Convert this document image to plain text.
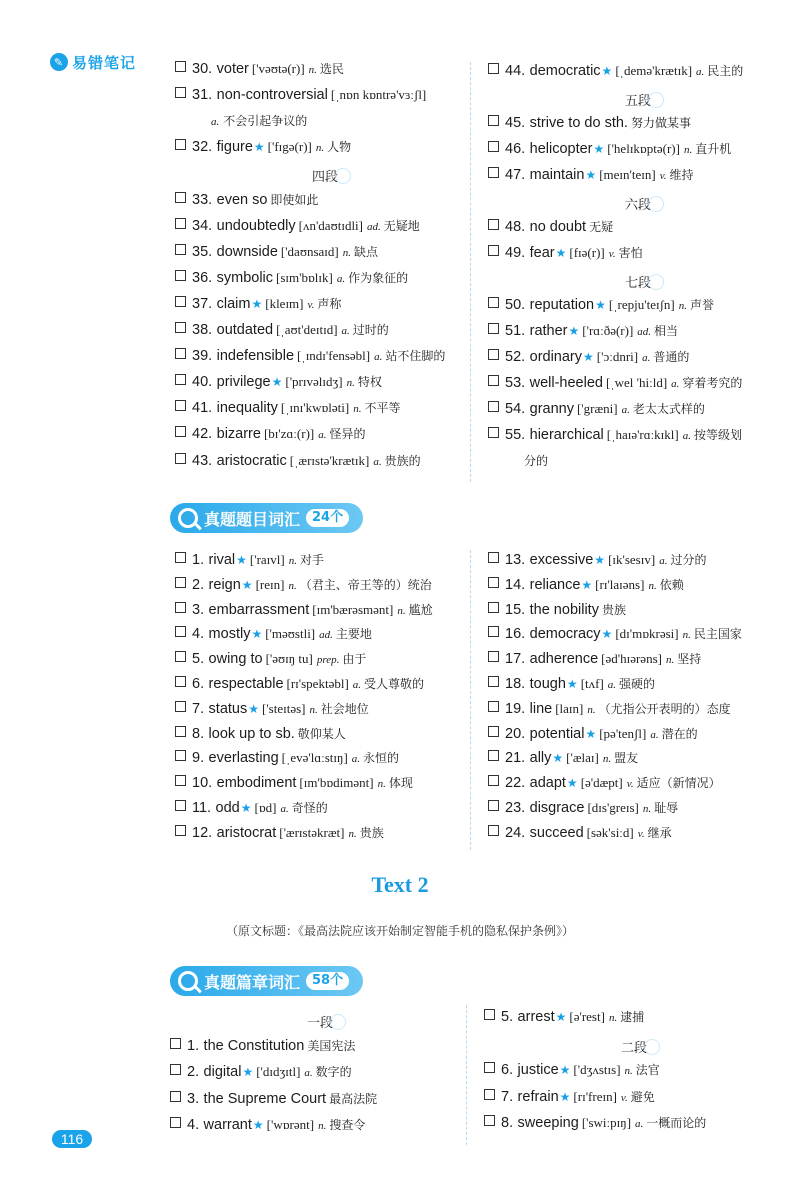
✎ 易错笔记	30. voter ['vəʊtə(r)] n. 选民
31. non-controversial [ˌnɒn kɒntrə'vɜːʃl]
a. 不会引起争议的
32. figure★ ['fɪgə(r)] n. 人物
四段
33. even so 即使如此
34. undoubtedly [ʌn'daʊtɪdli] ad. 无疑地
35. downside ['daʊnsaɪd] n. 缺点
36. symbolic [sɪm'bɒlɪk] a. 作为象征的
37. claim★ [kleɪm] v. 声称
38. outdated [ˌaʊt'deɪtɪd] a. 过时的
39. indefensible [ˌɪndɪ'fensəbl] a. 站不住脚的
40. privilege★ ['prɪvəlɪdʒ] n. 特权
41. inequality [ˌɪnɪ'kwɒləti] n. 不平等
42. bizarre [bɪ'zɑː(r)] a. 怪异的
43. aristocratic [ˌærɪstə'krætɪk] a. 贵族的
44. democratic★ [ˌdemə'krætɪk] a. 民主的
五段
45. strive to do sth. 努力做某事
46. helicopter★ ['helɪkɒptə(r)] n. 直升机
47. maintain★ [meɪn'teɪn] v. 维持
六段
48. no doubt 无疑
49. fear★ [fɪə(r)] v. 害怕
七段
50. reputation★ [ˌrepju'teɪʃn] n. 声誉
51. rather★ ['rɑːðə(r)] ad. 相当
52. ordinary★ ['ɔːdnri] a. 普通的
53. well-heeled [ˌwel 'hiːld] a. 穿着考究的
54. granny ['græni] a. 老太太式样的
55. hierarchical [ˌhaɪə'rɑːkɪkl] a. 按等级划
分的
真题题目词汇 24个
1. rival★ ['raɪvl] n. 对手
2. reign★ [reɪn] n. （君主、帝王等的）统治
3. embarrassment [ɪm'bærəsmənt] n. 尴尬
4. mostly★ ['məʊstli] ad. 主要地
5. owing to ['əʊɪŋ tu] prep. 由于
6. respectable [rɪ'spektəbl] a. 受人尊敬的
7. status★ ['steɪtəs] n. 社会地位
8. look up to sb. 敬仰某人
9. everlasting [ˌevə'lɑːstɪŋ] a. 永恒的
10. embodiment [ɪm'bɒdimənt] n. 体现
11. odd★ [ɒd] a. 奇怪的
12. aristocrat ['ærɪstəkræt] n. 贵族
13. excessive★ [ɪk'sesɪv] a. 过分的
14. reliance★ [rɪ'laɪəns] n. 依赖
15. the nobility 贵族
16. democracy★ [dɪ'mɒkrəsi] n. 民主国家
17. adherence [əd'hɪərəns] n. 坚持
18. tough★ [tʌf] a. 强硬的
19. line [laɪn] n. （尤指公开表明的）态度
20. potential★ [pə'tenʃl] a. 潜在的
21. ally★ ['ælaɪ] n. 盟友
22. adapt★ [ə'dæpt] v. 适应（新情况）
23. disgrace [dɪs'greɪs] n. 耻辱
24. succeed [sək'siːd] v. 继承
Text 2
（原文标题：《最高法院应该开始制定智能手机的隐私保护条例》）
真题篇章词汇 58个
一段
1. the Constitution 美国宪法
2. digital★ ['dɪdʒɪtl] a. 数字的
3. the Supreme Court 最高法院
4. warrant★ ['wɒrənt] n. 搜查令
5. arrest★ [ə'rest] n. 逮捕
二段
6. justice★ ['dʒʌstɪs] n. 法官
7. refrain★ [rɪ'freɪn] v. 避免
8. sweeping ['swiːpɪŋ] a. 一概而论的
116
